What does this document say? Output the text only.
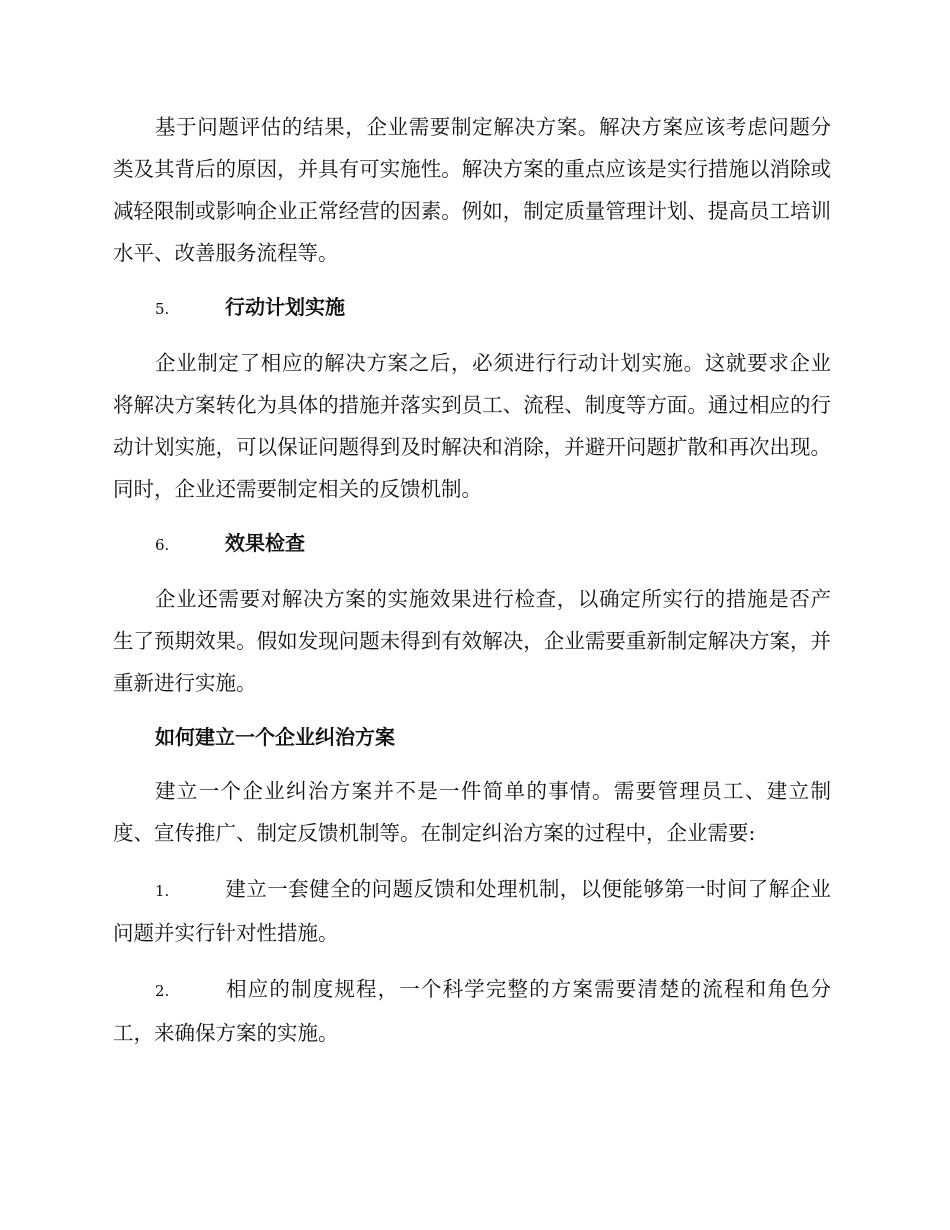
基于问题评估的结果，企业需要制定解决方案。解决方案应该考虑问题分类及其背后的原因，并具有可实施性。解决方案的重点应该是实行措施以消除或减轻限制或影响企业正常经营的因素。例如，制定质量管理计划、提高员工培训水平、改善服务流程等。

5.	行动计划实施

企业制定了相应的解决方案之后，必须进行行动计划实施。这就要求企业将解决方案转化为具体的措施并落实到员工、流程、制度等方面。通过相应的行动计划实施，可以保证问题得到及时解决和消除，并避开问题扩散和再次出现。同时，企业还需要制定相关的反馈机制。

6.	效果检查

企业还需要对解决方案的实施效果进行检查，以确定所实行的措施是否产生了预期效果。假如发现问题未得到有效解决，企业需要重新制定解决方案，并重新进行实施。

如何建立一个企业纠治方案

建立一个企业纠治方案并不是一件简单的事情。需要管理员工、建立制度、宣传推广、制定反馈机制等。在制定纠治方案的过程中，企业需要:

1.	建立一套健全的问题反馈和处理机制，以便能够第一时间了解企业问题并实行针对性措施。

2.	相应的制度规程，一个科学完整的方案需要清楚的流程和角色分工，来确保方案的实施。
